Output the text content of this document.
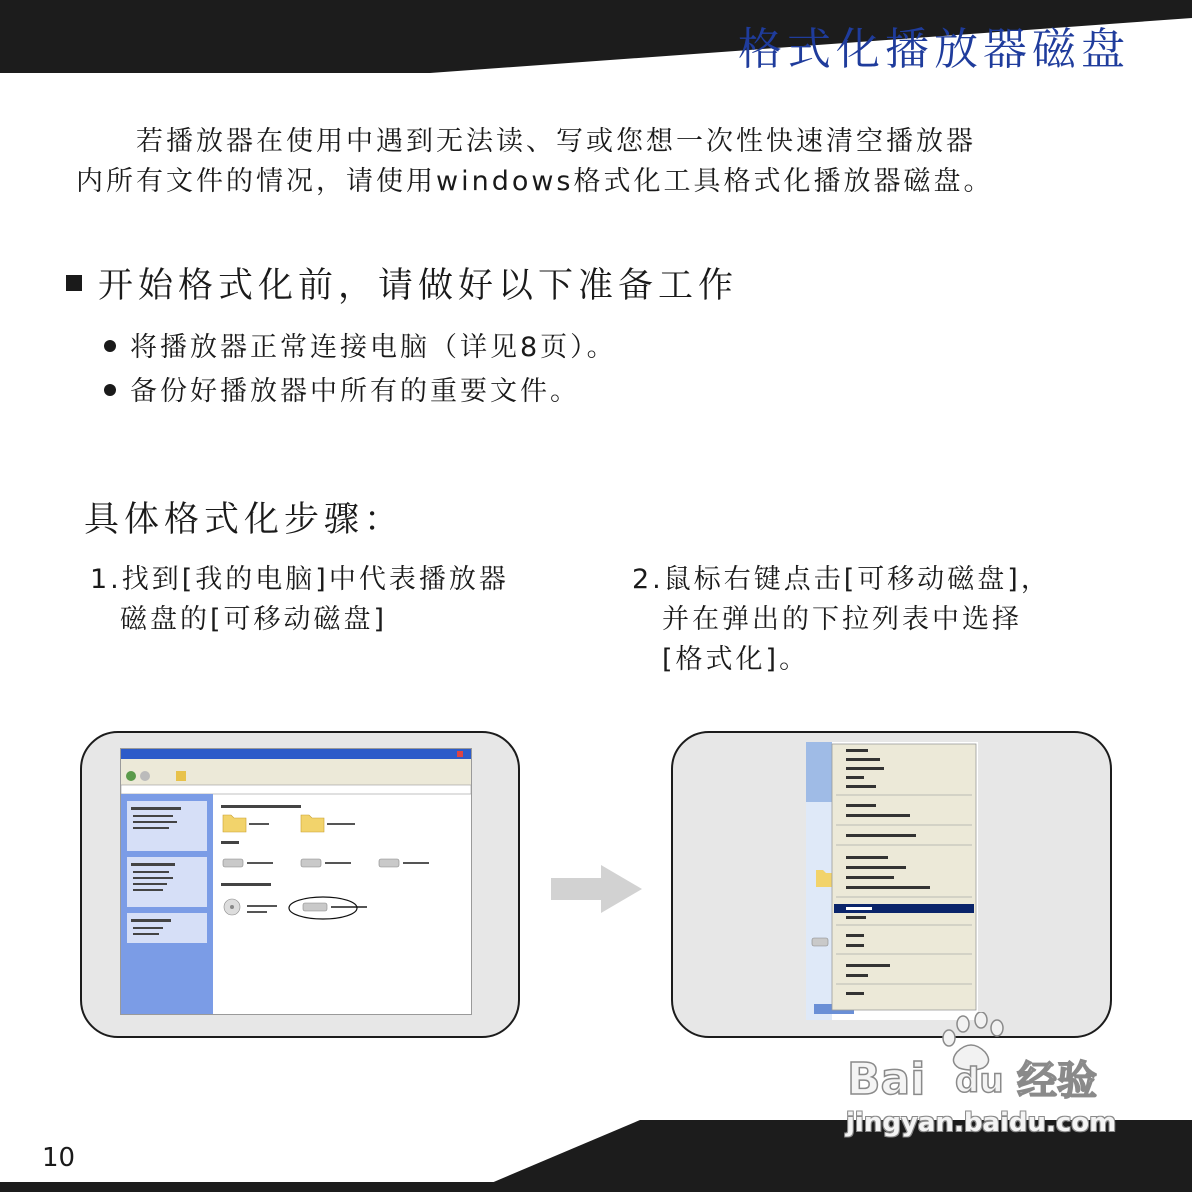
格式化播放器磁盘
若播放器在使用中遇到无法读、写或您想一次性快速清空播放器
内所有文件的情况，请使用windows格式化工具格式化播放器磁盘。
开始格式化前，请做好以下准备工作
将播放器正常连接电脑（详见8页）。
备份好播放器中所有的重要文件。
具体格式化步骤：
1.找到[我的电脑]中代表播放器
磁盘的[可移动磁盘]
2.鼠标右键点击[可移动磁盘]，
并在弹出的下拉列表中选择
[格式化]。
10
Bai du 经验
jingyan.baidu.com
